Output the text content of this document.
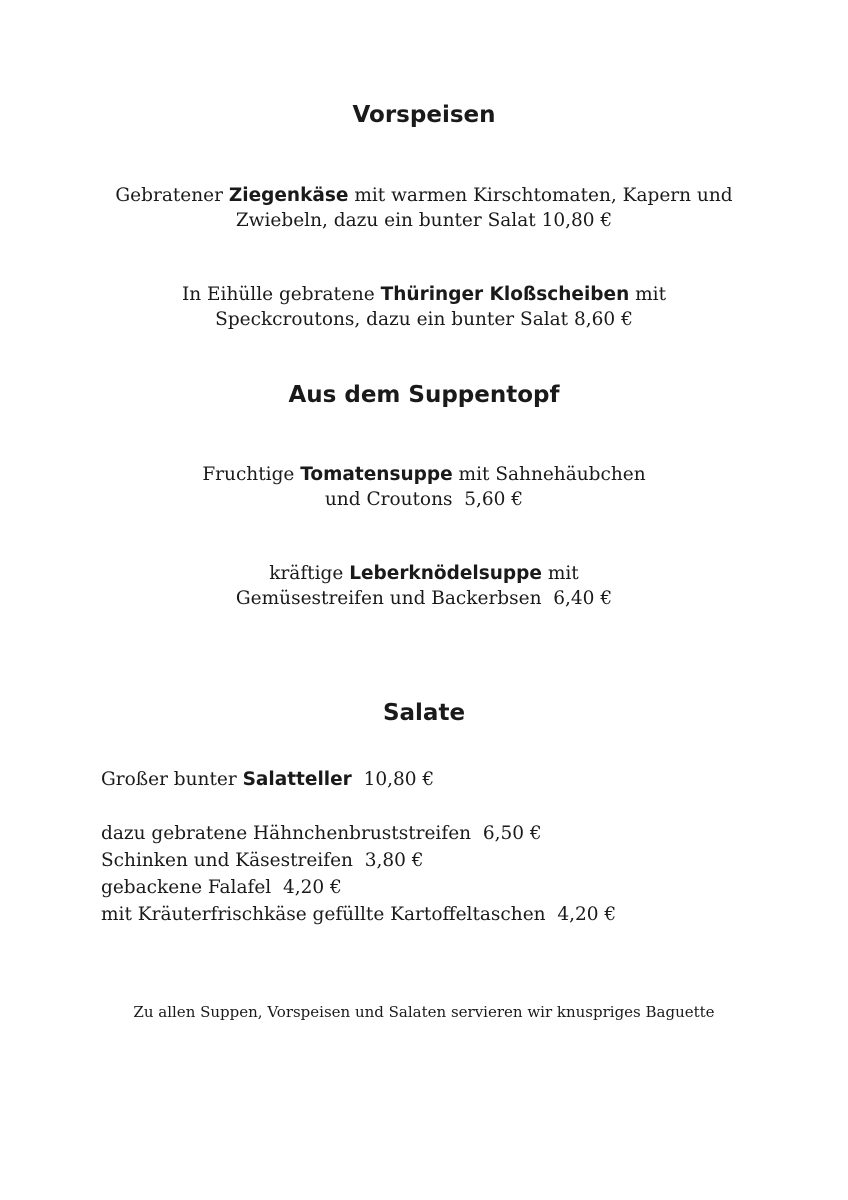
Vorspeisen
Gebratener Ziegenkäse mit warmen Kirschtomaten, Kapern und
Zwiebeln, dazu ein bunter Salat 10,80 €
In Eihülle gebratene Thüringer Kloßscheiben mit
Speckcroutons, dazu ein bunter Salat 8,60 €
Aus dem Suppentopf
Fruchtige Tomatensuppe mit Sahnehäubchen
und Croutons  5,60 €
kräftige Leberknödelsuppe mit
Gemüsestreifen und Backerbsen  6,40 €
Salate
Großer bunter Salatteller  10,80 €
dazu gebratene Hähnchenbruststreifen  6,50 €
Schinken und Käsestreifen  3,80 €
gebackene Falafel  4,20 €
mit Kräuterfrischkäse gefüllte Kartoffeltaschen  4,20 €
Zu allen Suppen, Vorspeisen und Salaten servieren wir knuspriges Baguette
